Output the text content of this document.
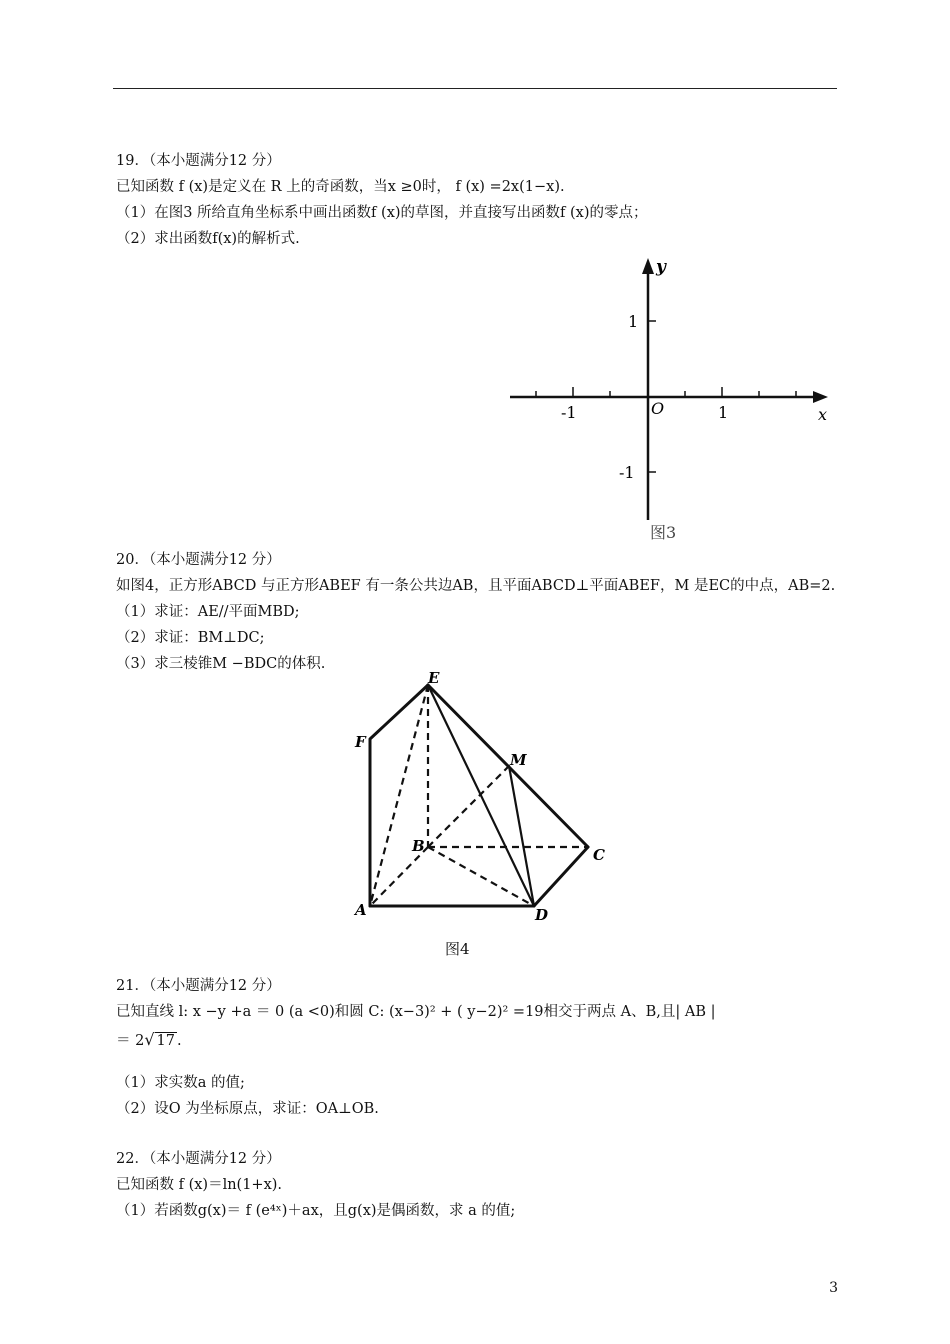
19．（本小题满分12 分）
已知函数 f (x)是定义在 R 上的奇函数，当x ≥0时， f (x) =2x(1−x).
（1）在图3 所给直角坐标系中画出函数f (x)的草图，并直接写出函数f (x)的零点；
（2）求出函数f(x)的解析式.
y
x
O
-1	1
1
-1
图3
20．（本小题满分12 分）
如图4，正方形ABCD 与正方形ABEF 有一条公共边AB，且平面ABCD⊥平面ABEF，M 是EC的中点，AB=2.
（1）求证：AE//平面MBD;
（2）求证：BM⊥DC;
（3）求三棱锥M −BDC的体积.
E
F
M
B	C
A	D
图4
21．（本小题满分12 分）
已知直线 l: x −y +a ＝ 0 (a <0)和圆 C: (x−3)² + ( y−2)² =19相交于两点 A、B,且| AB |
＝ 2√ 17 .
（1）求实数a 的值;
（2）设O 为坐标原点，求证：OA⊥OB.
22．（本小题满分12 分）
已知函数 f (x)＝ln(1+x).
（1）若函数g(x)＝ f (e⁴ˣ)＋ax，且g(x)是偶函数，求 a 的值;
3
